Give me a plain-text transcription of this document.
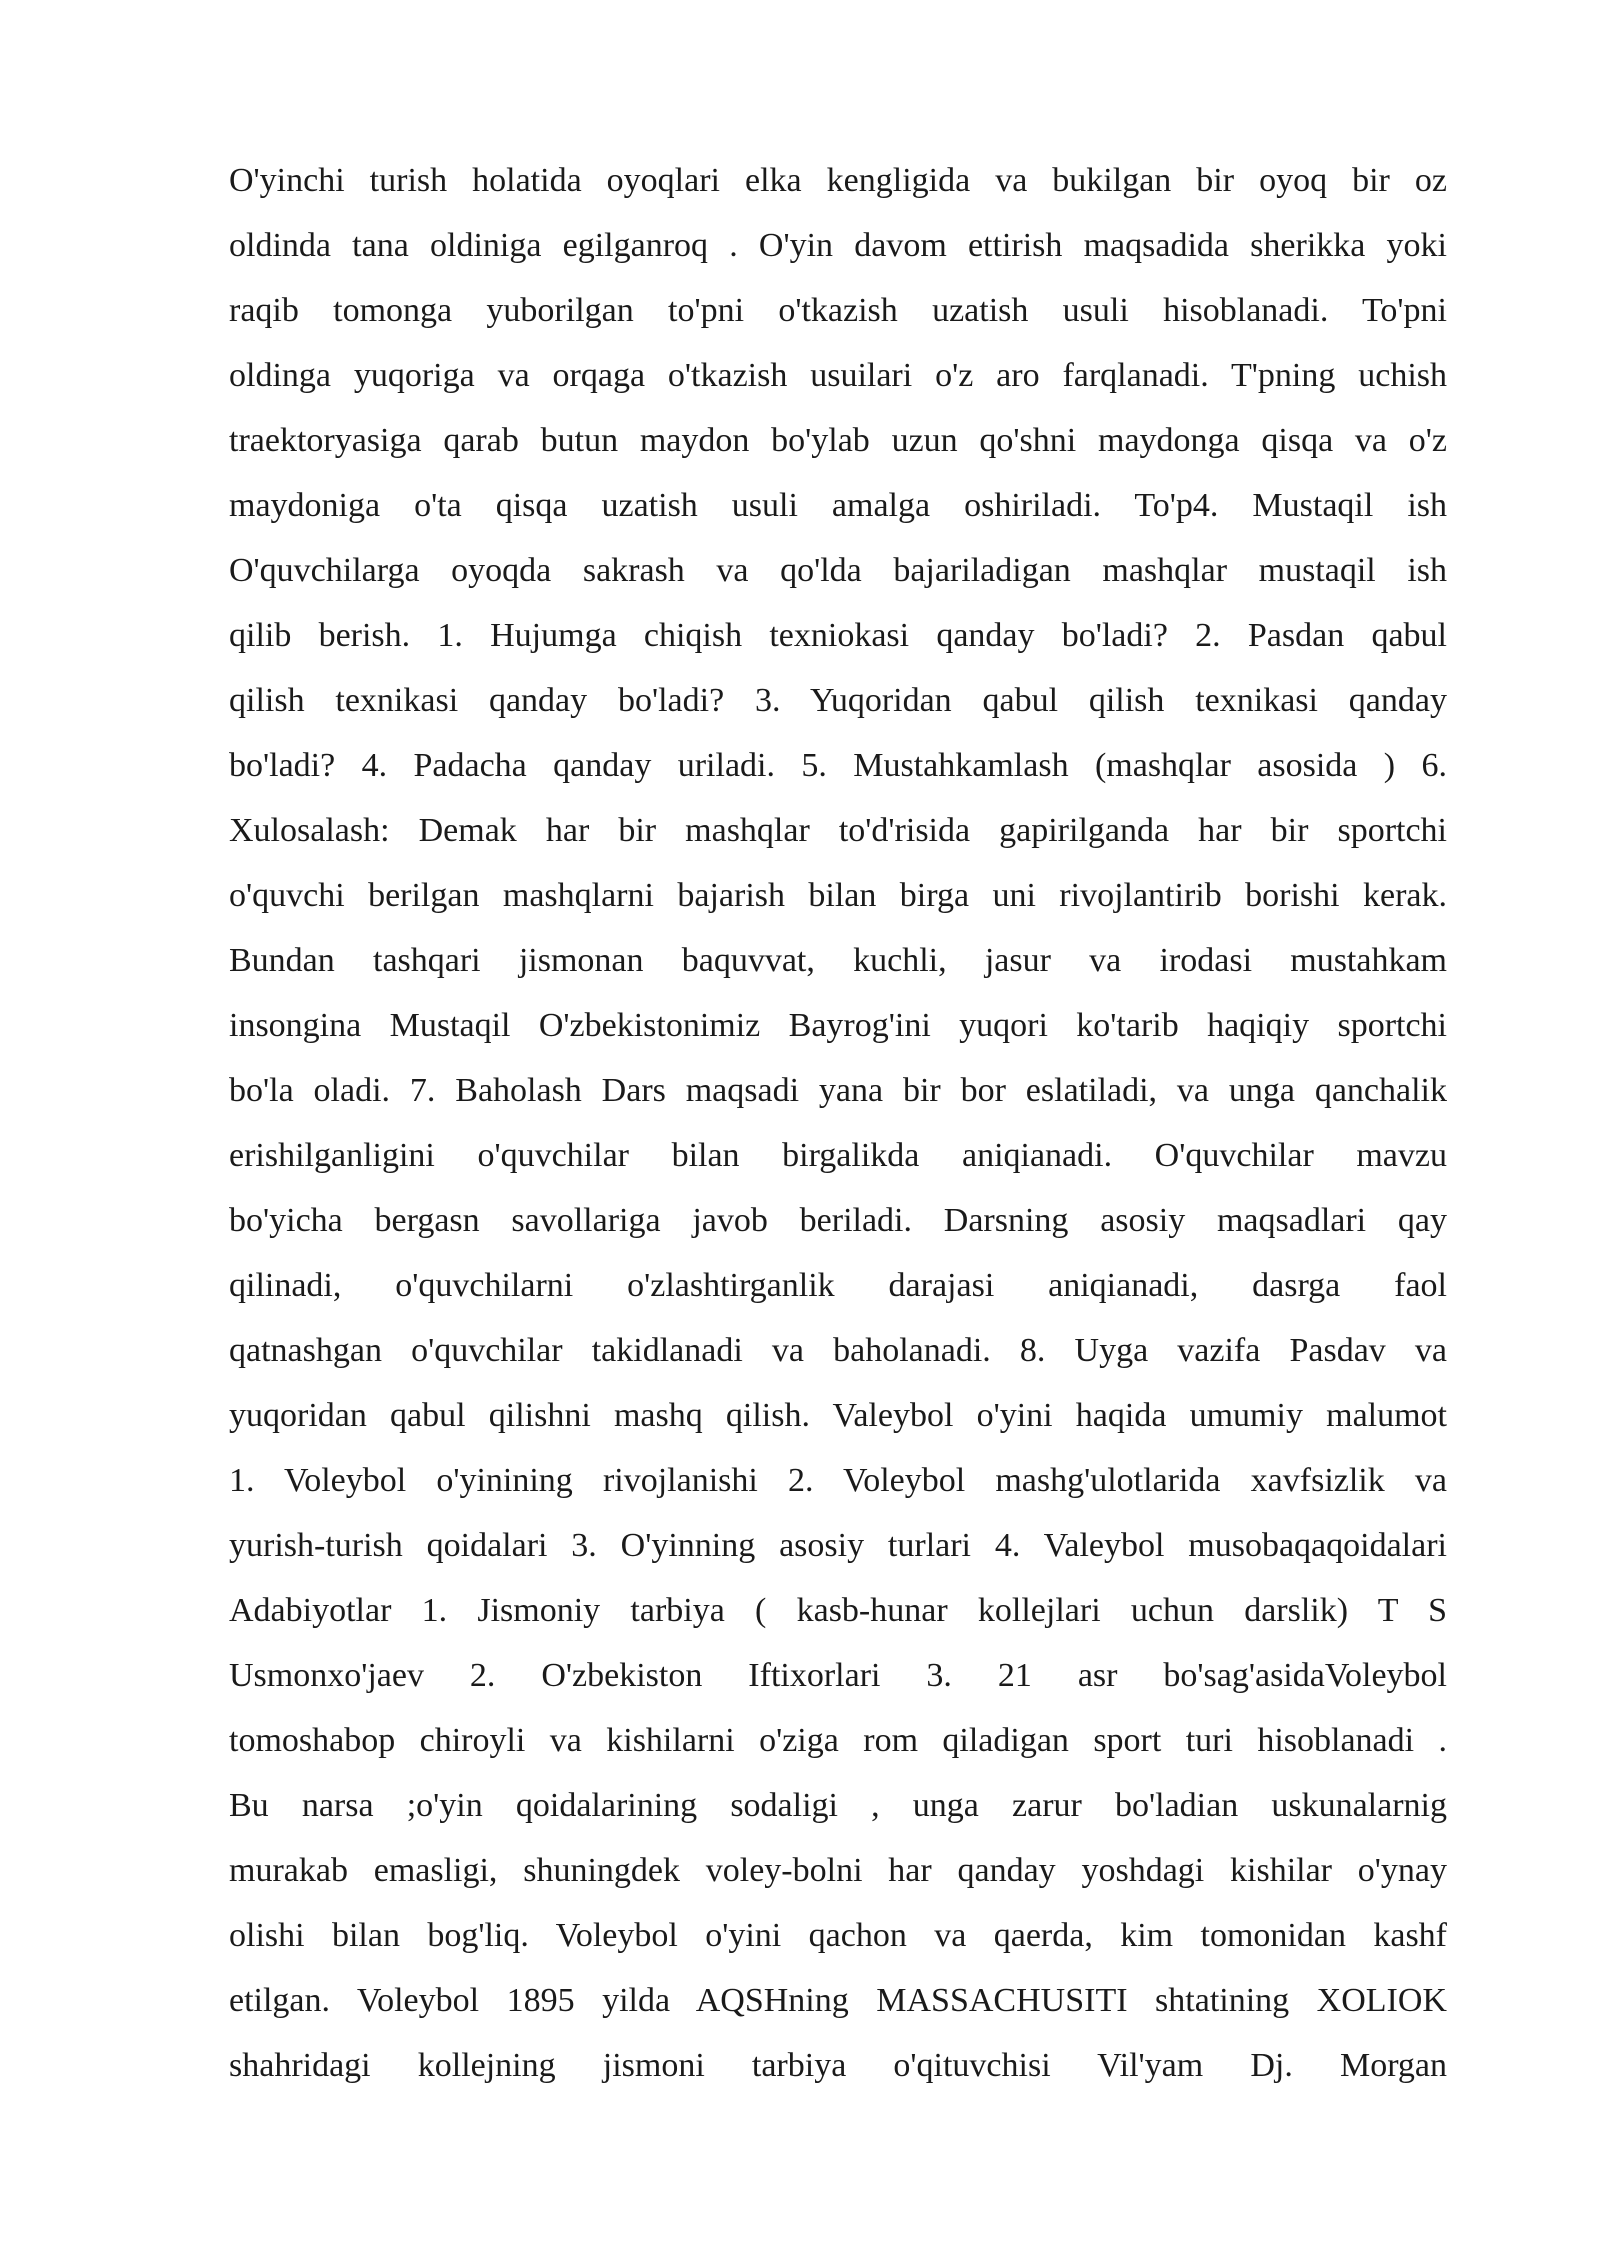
O'yinchi turish holatida oyoqlari elka kengligida va bukilgan bir oyoq bir oz
oldinda tana oldiniga egilganroq . O'yin davom ettirish maqsadida sherikka yoki
raqib tomonga yuborilgan to'pni o'tkazish uzatish usuli hisoblanadi. To'pni
oldinga yuqoriga va orqaga o'tkazish usuilari o'z aro farqlanadi. T'pning uchish
traektoryasiga qarab butun maydon bo'ylab uzun qo'shni maydonga qisqa va o'z
maydoniga o'ta qisqa uzatish usuli amalga oshiriladi. To'p4. Mustaqil ish
O'quvchilarga oyoqda sakrash va qo'lda bajariladigan mashqlar mustaqil ish
qilib berish. 1. Hujumga chiqish texniokasi qanday bo'ladi? 2. Pasdan qabul
qilish texnikasi qanday bo'ladi? 3. Yuqoridan qabul qilish texnikasi qanday
bo'ladi? 4. Padacha qanday uriladi. 5. Mustahkamlash (mashqlar asosida ) 6.
Xulosalash: Demak har bir mashqlar to'd'risida gapirilganda har bir sportchi
o'quvchi berilgan mashqlarni bajarish bilan birga uni rivojlantirib borishi kerak.
Bundan tashqari jismonan baquvvat, kuchli, jasur va irodasi mustahkam
insongina Mustaqil O'zbekistonimiz Bayrog'ini yuqori ko'tarib haqiqiy sportchi
bo'la oladi. 7. Baholash Dars maqsadi yana bir bor eslatiladi, va unga qanchalik
erishilganligini o'quvchilar bilan birgalikda aniqianadi. O'quvchilar mavzu
bo'yicha bergasn savollariga javob beriladi. Darsning asosiy maqsadlari qay
qilinadi, o'quvchilarni o'zlashtirganlik darajasi aniqianadi, dasrga faol
qatnashgan o'quvchilar takidlanadi va baholanadi. 8. Uyga vazifa Pasdav va
yuqoridan qabul qilishni mashq qilish. Valeybol o'yini haqida umumiy malumot
1. Voleybol o'yinining rivojlanishi 2. Voleybol mashg'ulotlarida xavfsizlik va
yurish-turish qoidalari 3. O'yinning asosiy turlari 4. Valeybol musobaqaqoidalari
Adabiyotlar 1. Jismoniy tarbiya ( kasb-hunar kollejlari uchun darslik) T S
Usmonxo'jaev 2. O'zbekiston Iftixorlari 3. 21 asr bo'sag'asidaVoleybol
tomoshabop chiroyli va kishilarni o'ziga rom qiladigan sport turi hisoblanadi .
Bu narsa ;o'yin qoidalarining sodaligi , unga zarur bo'ladian uskunalarnig
murakab emasligi, shuningdek voley-bolni har qanday yoshdagi kishilar o'ynay
olishi bilan bog'liq. Voleybol o'yini qachon va qaerda, kim tomonidan kashf
etilgan. Voleybol 1895 yilda AQSHning MASSACHUSITI shtatining XOLIOK
shahridagi kollejning jismoni tarbiya o'qituvchisi Vil'yam Dj. Morgan
